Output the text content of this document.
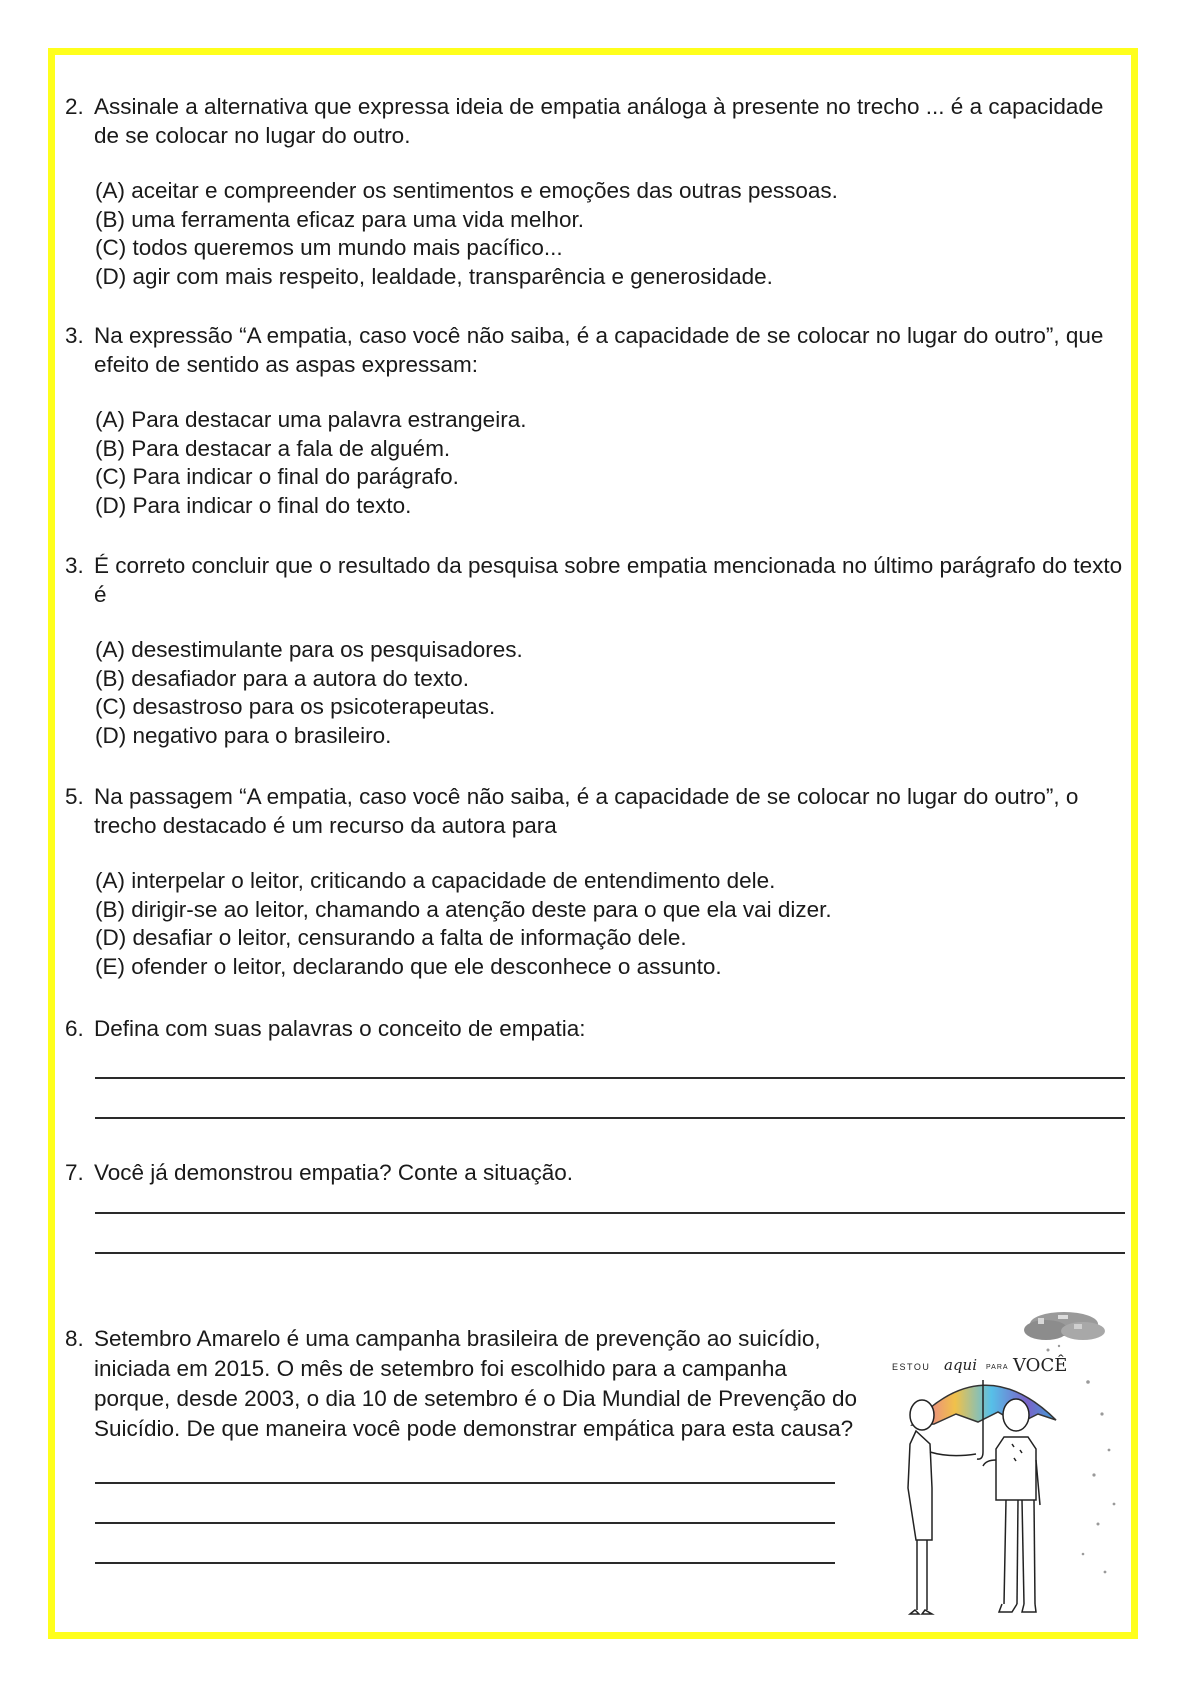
2. Assinale a alternativa que expressa ideia de empatia análoga à presente no trecho ... é a capacidade de se colocar no lugar do outro.
(A) aceitar e compreender os sentimentos e emoções das outras pessoas.
(B) uma ferramenta eficaz para uma vida melhor.
(C) todos queremos um mundo mais pacífico...
(D) agir com mais respeito, lealdade, transparência e generosidade.
3. Na expressão “A empatia, caso você não saiba, é a capacidade de se colocar no lugar do outro”, que efeito de sentido as aspas expressam:
(A) Para destacar uma palavra estrangeira.
(B) Para destacar a fala de alguém.
(C) Para indicar o final do parágrafo.
(D) Para indicar o final do texto.
3. É correto concluir que o resultado da pesquisa sobre empatia mencionada no último parágrafo do texto é
(A) desestimulante para os pesquisadores.
(B) desafiador para a autora do texto.
(C) desastroso para os psicoterapeutas.
(D) negativo para o brasileiro.
5. Na passagem “A empatia, caso você não saiba, é a capacidade de se colocar no lugar do outro”, o trecho destacado é um recurso da autora para
(A) interpelar o leitor, criticando a capacidade de entendimento dele.
(B) dirigir-se ao leitor, chamando a atenção deste para o que ela vai dizer.
(D) desafiar o leitor, censurando a falta de informação dele.
(E) ofender o leitor, declarando que ele desconhece o assunto.
6. Defina com suas palavras o conceito de empatia:
7. Você já demonstrou empatia? Conte a situação.
8. Setembro Amarelo é uma campanha brasileira de prevenção ao suicídio, iniciada em 2015. O mês de setembro foi escolhido para a campanha porque, desde 2003, o dia 10 de setembro é o Dia Mundial de Prevenção do Suicídio. De que maneira você pode demonstrar empática para esta causa?
ESTOU aqui PARA VOCÊ
